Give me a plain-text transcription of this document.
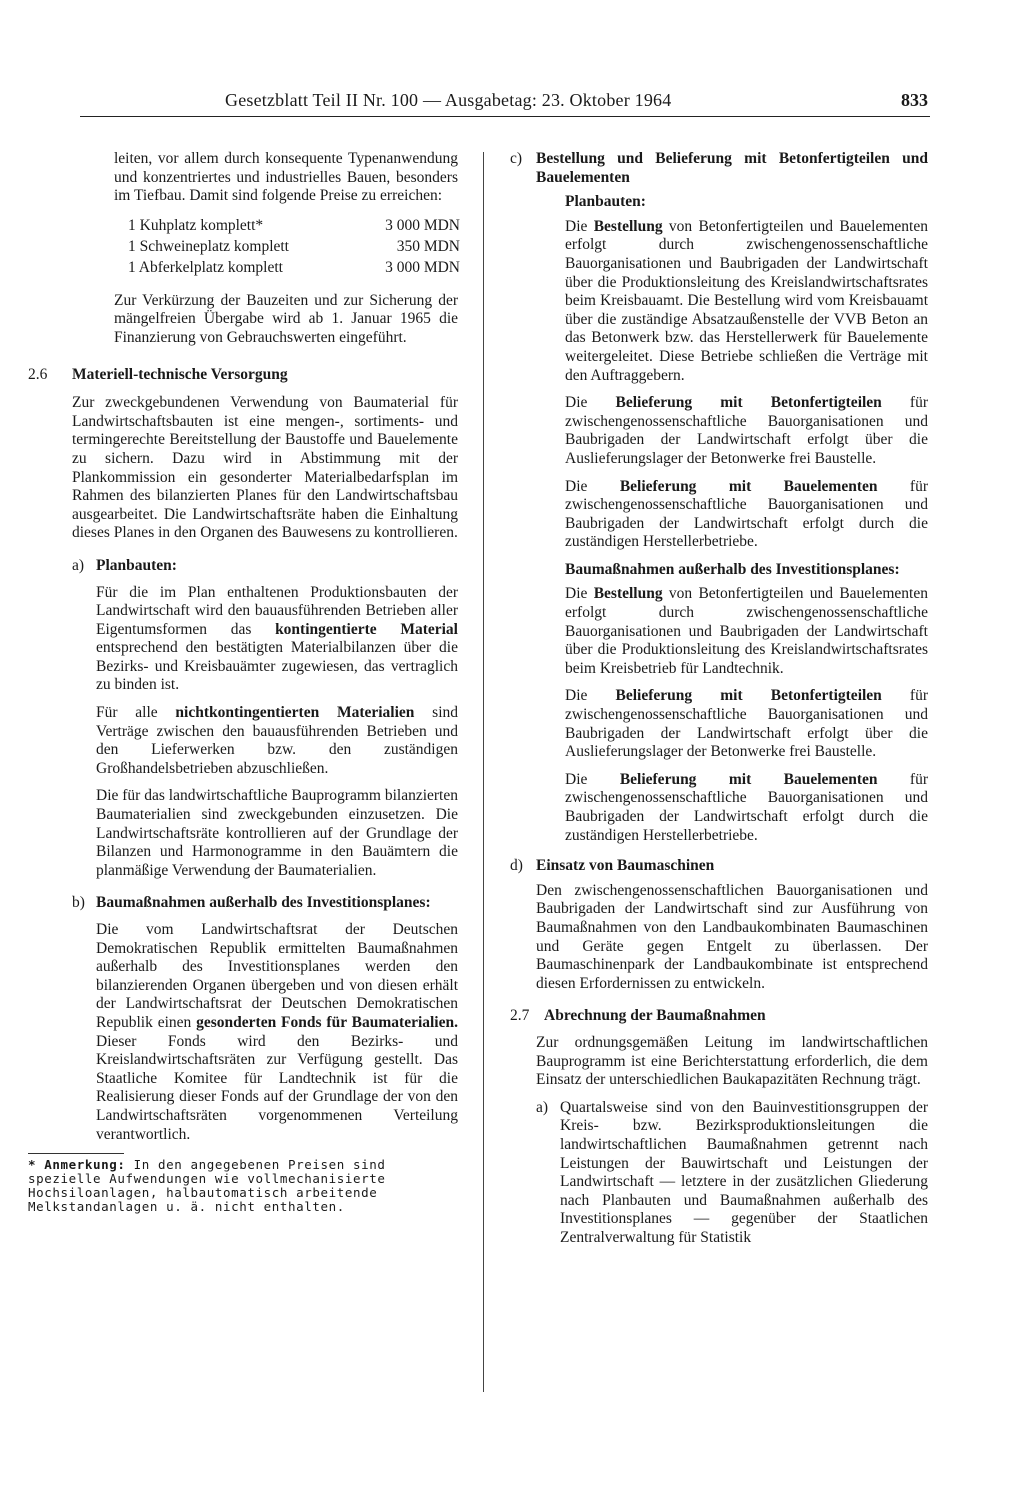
Gesetzblatt Teil II Nr. 100 — Ausgabetag: 23. Oktober 1964	833

leiten, vor allem durch konsequente Typenanwendung und konzentriertes und industrielles Bauen, besonders im Tiefbau. Damit sind folgende Preise zu erreichen:

1 Kuhplatz komplett*	3 000 MDN
1 Schweineplatz komplett	350 MDN
1 Abferkelplatz komplett	3 000 MDN

Zur Verkürzung der Bauzeiten und zur Sicherung der mängelfreien Übergabe wird ab 1. Januar 1965 die Finanzierung von Gebrauchswerten eingeführt.

2.6	Materiell-technische Versorgung

Zur zweckgebundenen Verwendung von Baumaterial für Landwirtschaftsbauten ist eine mengen-, sortiments- und termingerechte Bereitstellung der Baustoffe und Bauelemente zu sichern. Dazu wird in Abstimmung mit der Plankommission ein gesonderter Materialbedarfsplan im Rahmen des bilanzierten Planes für den Landwirtschaftsbau ausgearbeitet. Die Landwirtschaftsräte haben die Einhaltung dieses Planes in den Organen des Bauwesens zu kontrollieren.

a) Planbauten:

Für die im Plan enthaltenen Produktionsbauten der Landwirtschaft wird den bauausführenden Betrieben aller Eigentumsformen das kontingentierte Material entsprechend den bestätigten Materialbilanzen über die Bezirks- und Kreisbauämter zugewiesen, das vertraglich zu binden ist.

Für alle nichtkontingentierten Materialien sind Verträge zwischen den bauausführenden Betrieben und den Lieferwerken bzw. den zuständigen Großhandelsbetrieben abzuschließen.

Die für das landwirtschaftliche Bauprogramm bilanzierten Baumaterialien sind zweckgebunden einzusetzen. Die Landwirtschaftsräte kontrollieren auf der Grundlage der Bilanzen und Harmonogramme in den Bauämtern die planmäßige Verwendung der Baumaterialien.

b) Baumaßnahmen außerhalb des Investitionsplanes:

Die vom Landwirtschaftsrat der Deutschen Demokratischen Republik ermittelten Baumaßnahmen außerhalb des Investitionsplanes werden den bilanzierenden Organen übergeben und von diesen erhält der Landwirtschaftsrat der Deutschen Demokratischen Republik einen gesonderten Fonds für Baumaterialien. Dieser Fonds wird den Bezirks- und Kreislandwirtschaftsräten zur Verfügung gestellt. Das Staatliche Komitee für Landtechnik ist für die Realisierung dieser Fonds auf der Grundlage der von den Landwirtschaftsräten vorgenommenen Verteilung verantwortlich.

* Anmerkung: In den angegebenen Preisen sind spezielle Aufwendungen wie vollmechanisierte Hochsiloanlagen, halbautomatisch arbeitende Melkstandanlagen u. ä. nicht enthalten.
c) Bestellung und Belieferung mit Betonfertigteilen und Bauelementen
Planbauten:

Die Bestellung von Betonfertigteilen und Bauelementen erfolgt durch zwischengenossenschaftliche Bauorganisationen und Baubrigaden der Landwirtschaft über die Produktionsleitung des Kreislandwirtschaftsrates beim Kreisbauamt. Die Bestellung wird vom Kreisbauamt über die zuständige Absatzaußenstelle der VVB Beton an das Betonwerk bzw. das Herstellerwerk für Bauelemente weitergeleitet. Diese Betriebe schließen die Verträge mit den Auftraggebern.

Die Belieferung mit Betonfertigteilen für zwischengenossenschaftliche Bauorganisationen und Baubrigaden der Landwirtschaft erfolgt über die Auslieferungslager der Betonwerke frei Baustelle.

Die Belieferung mit Bauelementen für zwischengenossenschaftliche Bauorganisationen und Baubrigaden der Landwirtschaft erfolgt durch die zuständigen Herstellerbetriebe.

Baumaßnahmen außerhalb des Investitionsplanes:

Die Bestellung von Betonfertigteilen und Bauelementen erfolgt durch zwischengenossenschaftliche Bauorganisationen und Baubrigaden der Landwirtschaft über die Produktionsleitung des Kreislandwirtschaftsrates beim Kreisbetrieb für Landtechnik.

Die Belieferung mit Betonfertigteilen für zwischengenossenschaftliche Bauorganisationen und Baubrigaden der Landwirtschaft erfolgt über die Auslieferungslager der Betonwerke frei Baustelle.

Die Belieferung mit Bauelementen für zwischengenossenschaftliche Bauorganisationen und Baubrigaden der Landwirtschaft erfolgt durch die zuständigen Herstellerbetriebe.

d) Einsatz von Baumaschinen

Den zwischengenossenschaftlichen Bauorganisationen und Baubrigaden der Landwirtschaft sind zur Ausführung von Baumaßnahmen von den Landbaukombinaten Baumaschinen und Geräte gegen Entgelt zu überlassen. Der Baumaschinenpark der Landbaukombinate ist entsprechend diesen Erfordernissen zu entwickeln.

2.7 Abrechnung der Baumaßnahmen

Zur ordnungsgemäßen Leitung im landwirtschaftlichen Bauprogramm ist eine Berichterstattung erforderlich, die dem Einsatz der unterschiedlichen Baukapazitäten Rechnung trägt.

a) Quartalsweise sind von den Bauinvestitionsgruppen der Kreis- bzw. Bezirksproduktionsleitungen die landwirtschaftlichen Baumaßnahmen getrennt nach Leistungen der Bauwirtschaft und Leistungen der Landwirtschaft — letztere in der zusätzlichen Gliederung nach Planbauten und Baumaßnahmen außerhalb des Investitionsplanes — gegenüber der Staatlichen Zentralverwaltung für Statistik
